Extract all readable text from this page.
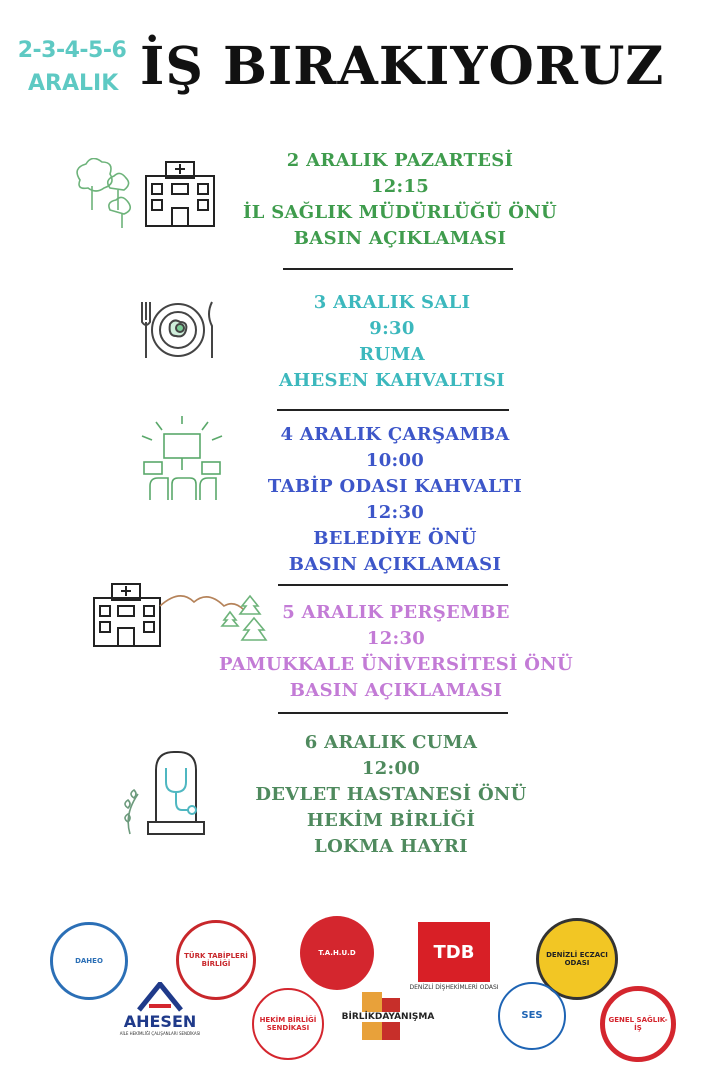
2-3-4-5-6
ARALIK İŞ BIRAKIYORUZ
2 ARALIK PAZARTESİ
12:15
İL SAĞLIK MÜDÜRLÜĞÜ ÖNÜ
BASIN AÇIKLAMASI
3 ARALIK SALI
9:30
RUMA
AHESEN KAHVALTISI
4 ARALIK ÇARŞAMBA
10:00
TABİP ODASI KAHVALTI
12:30
BELEDİYE ÖNÜ
BASIN AÇIKLAMASI
5 ARALIK PERŞEMBE
12:30
PAMUKKALE ÜNİVERSİTESİ ÖNÜ
BASIN AÇIKLAMASI
6 ARALIK CUMA
12:00
DEVLET HASTANESİ ÖNÜ
HEKİM BİRLİĞİ
LOKMA HAYRI
DAHEO
TÜRK TABİPLERİ BİRLİĞİ
T.A.H.U.D	TDB
DENİZLİ DİŞHEKİMLERİ ODASI
DENİZLİ ECZACI ODASI
AHESEN
AİLE HEKİMLİĞİ ÇALIŞANLARI SENDİKASI
HEKİM BİRLİĞİ SENDİKASI
BİRLİKDAYANIŞMA	SES	GENEL SAĞLIK-İŞ
